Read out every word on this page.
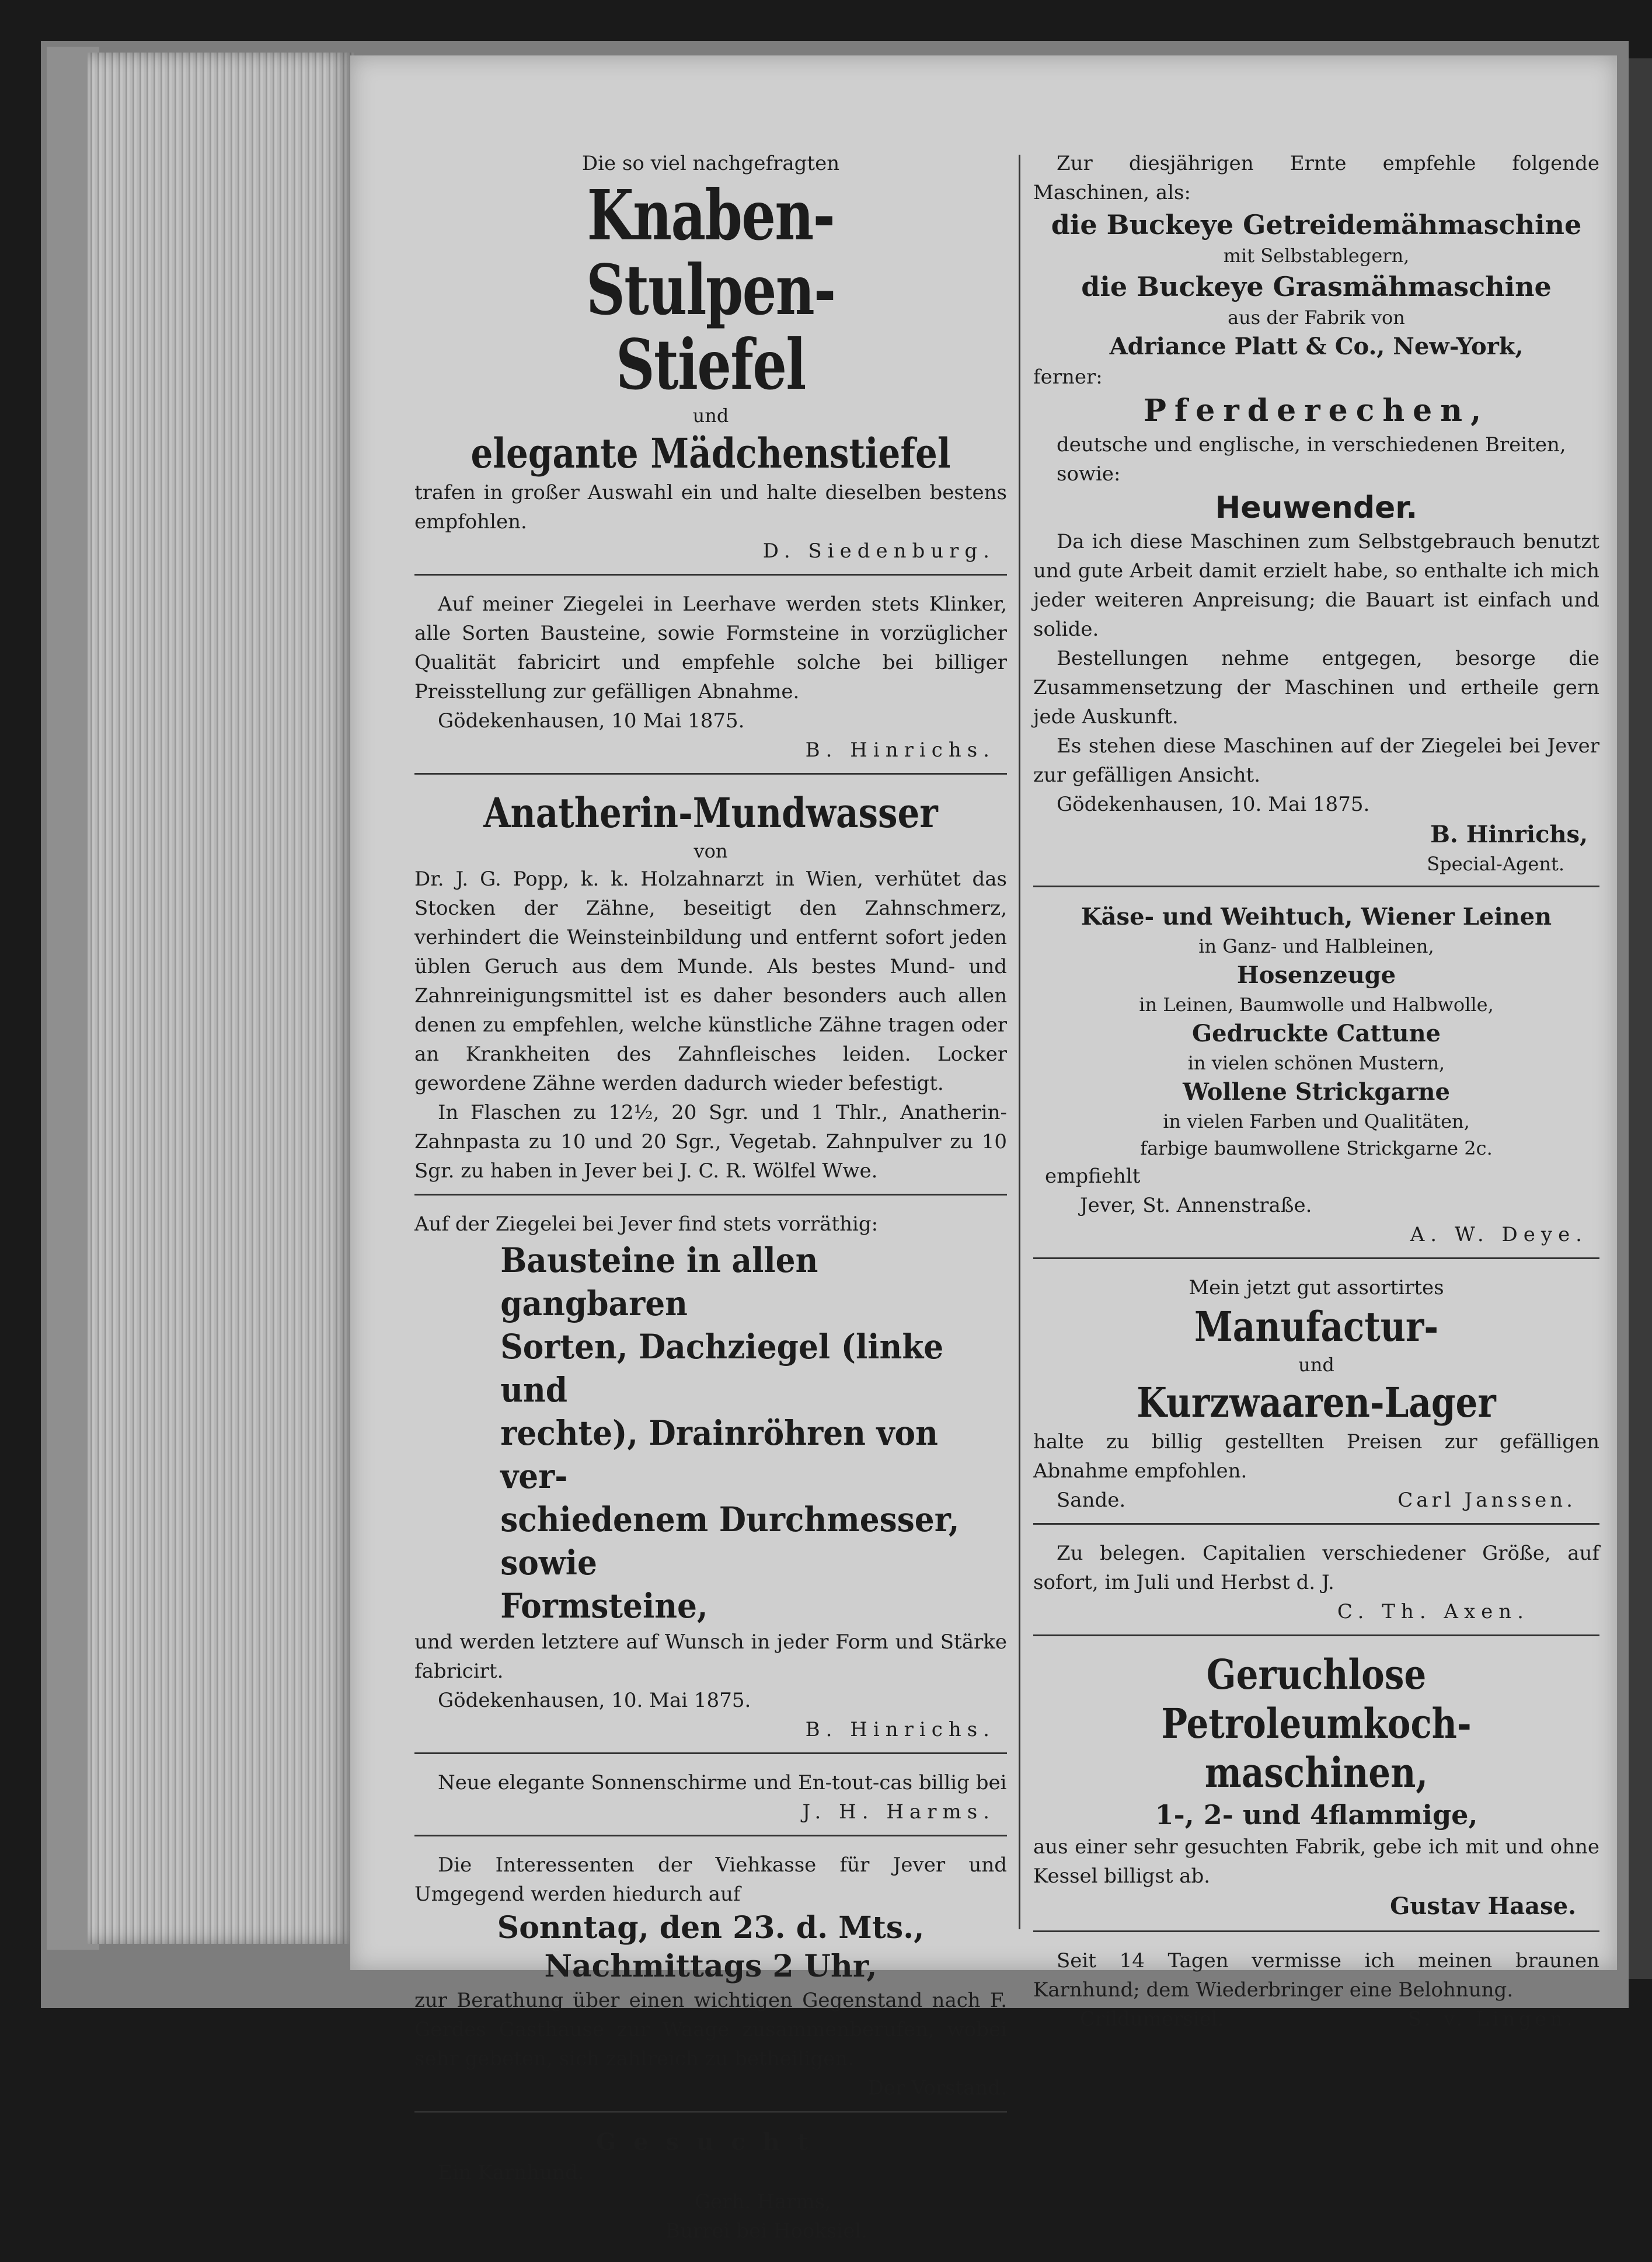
Die so viel nachgefragten
Knaben-Stulpen-
Stiefel
und
elegante Mädchenstiefel
trafen in großer Auswahl ein und halte dieselben bestens empfohlen.
D. Siedenburg.
Auf meiner Ziegelei in Leerhave werden stets Klinker, alle Sorten Bausteine, sowie Formsteine in vorzüglicher Qualität fabricirt und empfehle solche bei billiger Preisstellung zur gefälligen Abnahme.
Gödekenhausen, 10 Mai 1875.
B. Hinrichs.
Anatherin-Mundwasser
von
Dr. J. G. Popp, k. k. Holzahnarzt in Wien, verhütet das Stocken der Zähne, beseitigt den Zahnschmerz, verhindert die Weinsteinbildung und entfernt sofort jeden üblen Geruch aus dem Munde. Als bestes Mund- und Zahnreinigungsmittel ist es daher besonders auch allen denen zu empfehlen, welche künstliche Zähne tragen oder an Krankheiten des Zahnfleisches leiden. Locker gewordene Zähne werden dadurch wieder befestigt.
In Flaschen zu 12½, 20 Sgr. und 1 Thlr., Anatherin-Zahnpasta zu 10 und 20 Sgr., Vegetab. Zahnpulver zu 10 Sgr. zu haben in Jever bei J. C. R. Wölfel Wwe.
Auf der Ziegelei bei Jever find stets vorräthig:
Bausteine in allen gangbaren
Sorten, Dachziegel (linke und
rechte), Drainröhren von ver-
schiedenem Durchmesser, sowie
Formsteine,
und werden letztere auf Wunsch in jeder Form und Stärke fabricirt.
Gödekenhausen, 10. Mai 1875.
B. Hinrichs.
Neue elegante Sonnenschirme und En-tout-cas billig bei
J. H. Harms.
Die Interessenten der Viehkasse für Jever und Umgegend werden hiedurch auf
Sonntag, den 23. d. Mts.,
Nachmittags 2 Uhr,
zur Berathung über einen wichtigen Gegenstand nach F. Gerdes Gasthause zur Waage zusammenberufen, wobei sehr gebeten, sich zahlreich zu betheiligen.
Der Vorstand.
Gesucht
Ein Karnhund.
Gerh. Harms,
Burrei bei Hooksiel.
Zur diesjährigen Ernte empfehle folgende Maschinen, als:
die Buckeye Getreidemähmaschine
mit Selbstablegern,
die Buckeye Grasmähmaschine
aus der Fabrik von
Adriance Platt & Co., New-York,
ferner:
Pferderechen,
deutsche und englische, in verschiedenen Breiten, sowie:
Heuwender.
Da ich diese Maschinen zum Selbstgebrauch benutzt und gute Arbeit damit erzielt habe, so enthalte ich mich jeder weiteren Anpreisung; die Bauart ist einfach und solide.
Bestellungen nehme entgegen, besorge die Zusammensetzung der Maschinen und ertheile gern jede Auskunft.
Es stehen diese Maschinen auf der Ziegelei bei Jever zur gefälligen Ansicht.
Gödekenhausen, 10. Mai 1875.
B. Hinrichs,
Special-Agent.
Käse- und Weihtuch, Wiener Leinen
in Ganz- und Halbleinen,
Hosenzeuge
in Leinen, Baumwolle und Halbwolle,
Gedruckte Cattune
in vielen schönen Mustern,
Wollene Strickgarne
in vielen Farben und Qualitäten,
farbige baumwollene Strickgarne 2c.
empfiehlt
Jever, St. Annenstraße.
A. W. Deye.
Mein jetzt gut assortirtes
Manufactur-
und
Kurzwaaren-Lager
halte zu billig gestellten Preisen zur gefälligen Abnahme empfohlen.
Sande.	Carl Janssen.
Zu belegen. Capitalien verschiedener Größe, auf sofort, im Juli und Herbst d. J.
C. Th. Axen.
Geruchlose Petroleumkoch-
maschinen,
1-, 2- und 4flammige,
aus einer sehr gesuchten Fabrik, gebe ich mit und ohne Kessel billigst ab.
Gustav Haase.
Seit 14 Tagen vermisse ich meinen braunen Karnhund; dem Wiederbringer eine Belohnung.
Crildumersiel.	S. v. Lingen.
